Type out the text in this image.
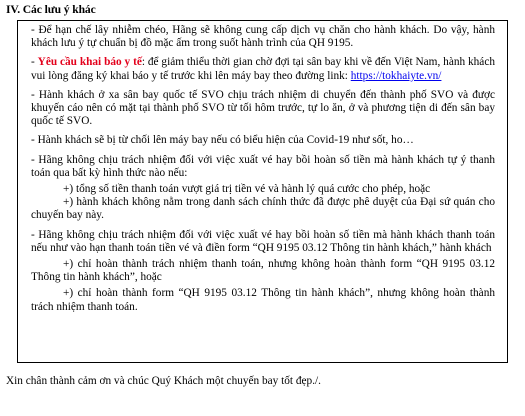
IV. Các lưu ý khác

- Để hạn chế lây nhiễm chéo, Hãng sẽ không cung cấp dịch vụ chăn cho hành khách. Do vậy, hành khách lưu ý tự chuẩn bị đồ mặc ấm trong suốt hành trình của QH 9195.

- Yêu cầu khai báo y tế: để giảm thiểu thời gian chờ đợi tại sân bay khi về đến Việt Nam, hành khách vui lòng đăng ký khai báo y tế trước khi lên máy bay theo đường link: https://tokhaiyte.vn/

- Hành khách ở xa sân bay quốc tế SVO chịu trách nhiệm di chuyển đến thành phố SVO và được khuyến cáo nên có mặt tại thành phố SVO từ tối hôm trước, tự lo ăn, ở và phương tiện di đến sân bay quốc tế SVO.

- Hành khách sẽ bị từ chối lên máy bay nếu có biểu hiện của Covid-19 như sốt, ho…

- Hãng không chịu trách nhiệm đối với việc xuất vé hay bồi hoàn số tiền mà hành khách tự ý thanh toán qua bất kỳ hình thức nào nếu:

+) tổng số tiền thanh toán vượt giá trị tiền vé và hành lý quá cước cho phép, hoặc

+) hành khách không nằm trong danh sách chính thức đã được phê duyệt của Đại sứ quán cho chuyến bay này.

- Hãng không chịu trách nhiệm đối với việc xuất vé hay bồi hoàn số tiền mà hành khách thanh toán nếu như vào hạn thanh toán tiền vé và điền form “QH 9195 03.12 Thông tin hành khách,” hành khách

+) chỉ hoàn thành trách nhiệm thanh toán, nhưng không hoàn thành form “QH 9195 03.12 Thông tin hành khách”, hoặc

+) chỉ hoàn thành form “QH 9195 03.12 Thông tin hành khách”, nhưng không hoàn thành trách nhiệm thanh toán.

Xin chân thành cảm ơn và chúc Quý Khách một chuyến bay tốt đẹp./.
